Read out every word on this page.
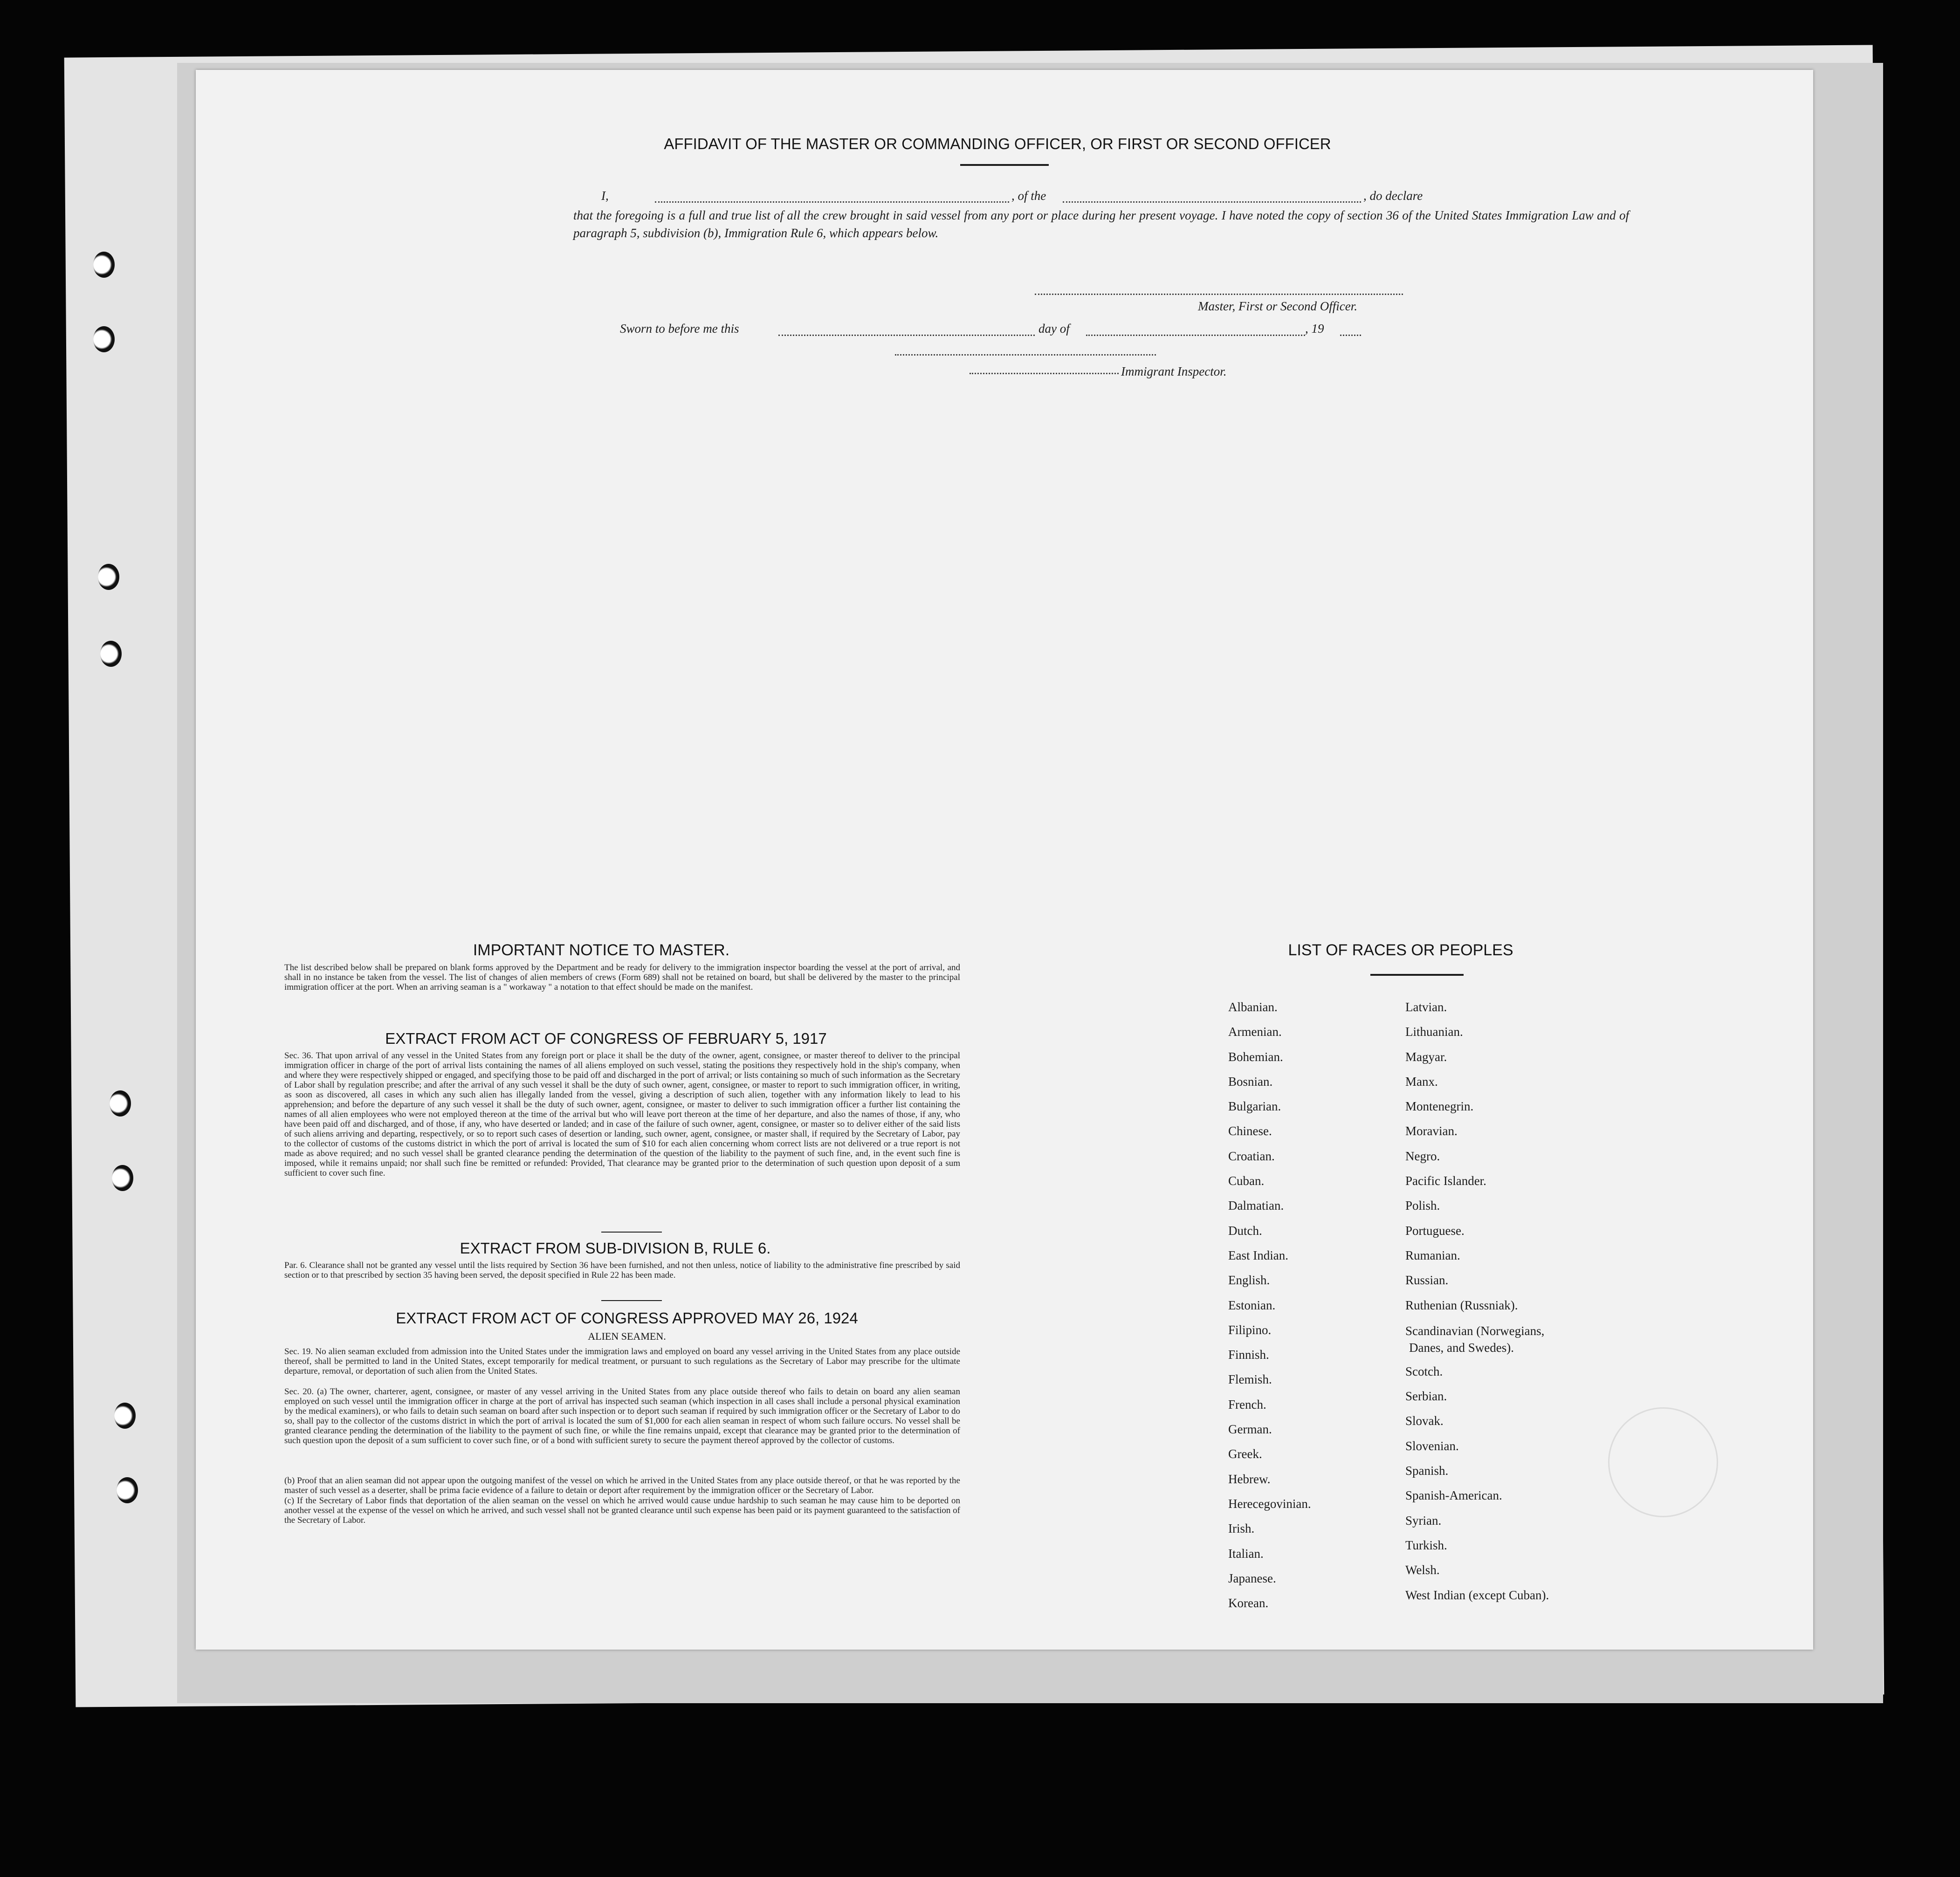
AFFIDAVIT OF THE MASTER OR COMMANDING OFFICER, OR FIRST OR SECOND OFFICER
I,	, of the	, do declare
that the foregoing is a full and true list of all the crew brought in said vessel from any port or place during her present voyage. I have noted the copy of section 36 of the United States Immigration Law and of paragraph 5, subdivision (b), Immigration Rule 6, which appears below.
Master, First or Second Officer.
Sworn to before me this	day of	, 19
Immigrant Inspector.
IMPORTANT NOTICE TO MASTER.
The list described below shall be prepared on blank forms approved by the Department and be ready for delivery to the immigration inspector boarding the vessel at the port of arrival, and shall in no instance be taken from the vessel. The list of changes of alien members of crews (Form 689) shall not be retained on board, but shall be delivered by the master to the principal immigration officer at the port. When an arriving seaman is a " workaway " a notation to that effect should be made on the manifest.
EXTRACT FROM ACT OF CONGRESS OF FEBRUARY 5, 1917
Sec. 36. That upon arrival of any vessel in the United States from any foreign port or place it shall be the duty of the owner, agent, consignee, or master thereof to deliver to the principal immigration officer in charge of the port of arrival lists containing the names of all aliens employed on such vessel, stating the positions they respectively hold in the ship's company, when and where they were respectively shipped or engaged, and specifying those to be paid off and discharged in the port of arrival; or lists containing so much of such information as the Secretary of Labor shall by regulation prescribe; and after the arrival of any such vessel it shall be the duty of such owner, agent, consignee, or master to report to such immigration officer, in writing, as soon as discovered, all cases in which any such alien has illegally landed from the vessel, giving a description of such alien, together with any information likely to lead to his apprehension; and before the departure of any such vessel it shall be the duty of such owner, agent, consignee, or master to deliver to such immigration officer a further list containing the names of all alien employees who were not employed thereon at the time of the arrival but who will leave port thereon at the time of her departure, and also the names of those, if any, who have been paid off and discharged, and of those, if any, who have deserted or landed; and in case of the failure of such owner, agent, consignee, or master so to deliver either of the said lists of such aliens arriving and departing, respectively, or so to report such cases of desertion or landing, such owner, agent, consignee, or master shall, if required by the Secretary of Labor, pay to the collector of customs of the customs district in which the port of arrival is located the sum of $10 for each alien concerning whom correct lists are not delivered or a true report is not made as above required; and no such vessel shall be granted clearance pending the determination of the question of the liability to the payment of such fine, and, in the event such fine is imposed, while it remains unpaid; nor shall such fine be remitted or refunded: Provided, That clearance may be granted prior to the determination of such question upon deposit of a sum sufficient to cover such fine.
EXTRACT FROM SUB-DIVISION B, RULE 6.
Par. 6. Clearance shall not be granted any vessel until the lists required by Section 36 have been furnished, and not then unless, notice of liability to the administrative fine prescribed by said section or to that prescribed by section 35 having been served, the deposit specified in Rule 22 has been made.
EXTRACT FROM ACT OF CONGRESS APPROVED MAY 26, 1924
ALIEN SEAMEN.
Sec. 19. No alien seaman excluded from admission into the United States under the immigration laws and employed on board any vessel arriving in the United States from any place outside thereof, shall be permitted to land in the United States, except temporarily for medical treatment, or pursuant to such regulations as the Secretary of Labor may prescribe for the ultimate departure, removal, or deportation of such alien from the United States.
Sec. 20. (a) The owner, charterer, agent, consignee, or master of any vessel arriving in the United States from any place outside thereof who fails to detain on board any alien seaman employed on such vessel until the immigration officer in charge at the port of arrival has inspected such seaman (which inspection in all cases shall include a personal physical examination by the medical examiners), or who fails to detain such seaman on board after such inspection or to deport such seaman if required by such immigration officer or the Secretary of Labor to do so, shall pay to the collector of the customs district in which the port of arrival is located the sum of $1,000 for each alien seaman in respect of whom such failure occurs. No vessel shall be granted clearance pending the determination of the liability to the payment of such fine, or while the fine remains unpaid, except that clearance may be granted prior to the determination of such question upon the deposit of a sum sufficient to cover such fine, or of a bond with sufficient surety to secure the payment thereof approved by the collector of customs.
(b) Proof that an alien seaman did not appear upon the outgoing manifest of the vessel on which he arrived in the United States from any place outside thereof, or that he was reported by the master of such vessel as a deserter, shall be prima facie evidence of a failure to detain or deport after requirement by the immigration officer or the Secretary of Labor.
(c) If the Secretary of Labor finds that deportation of the alien seaman on the vessel on which he arrived would cause undue hardship to such seaman he may cause him to be deported on another vessel at the expense of the vessel on which he arrived, and such vessel shall not be granted clearance until such expense has been paid or its payment guaranteed to the satisfaction of the Secretary of Labor.
LIST OF RACES OR PEOPLES
Albanian.
Armenian.
Bohemian.
Bosnian.
Bulgarian.
Chinese.
Croatian.
Cuban.
Dalmatian.
Dutch.
East Indian.
English.
Estonian.
Filipino.
Finnish.
Flemish.
French.
German.
Greek.
Hebrew.
Herecegovinian.
Irish.
Italian.
Japanese.
Korean.
Latvian.
Lithuanian.
Magyar.
Manx.
Montenegrin.
Moravian.
Negro.
Pacific Islander.
Polish.
Portuguese.
Rumanian.
Russian.
Ruthenian (Russniak).
Scandinavian (Norwegians,
Danes, and Swedes).
Scotch.
Serbian.
Slovak.
Slovenian.
Spanish.
Spanish-American.
Syrian.
Turkish.
Welsh.
West Indian (except Cuban).
